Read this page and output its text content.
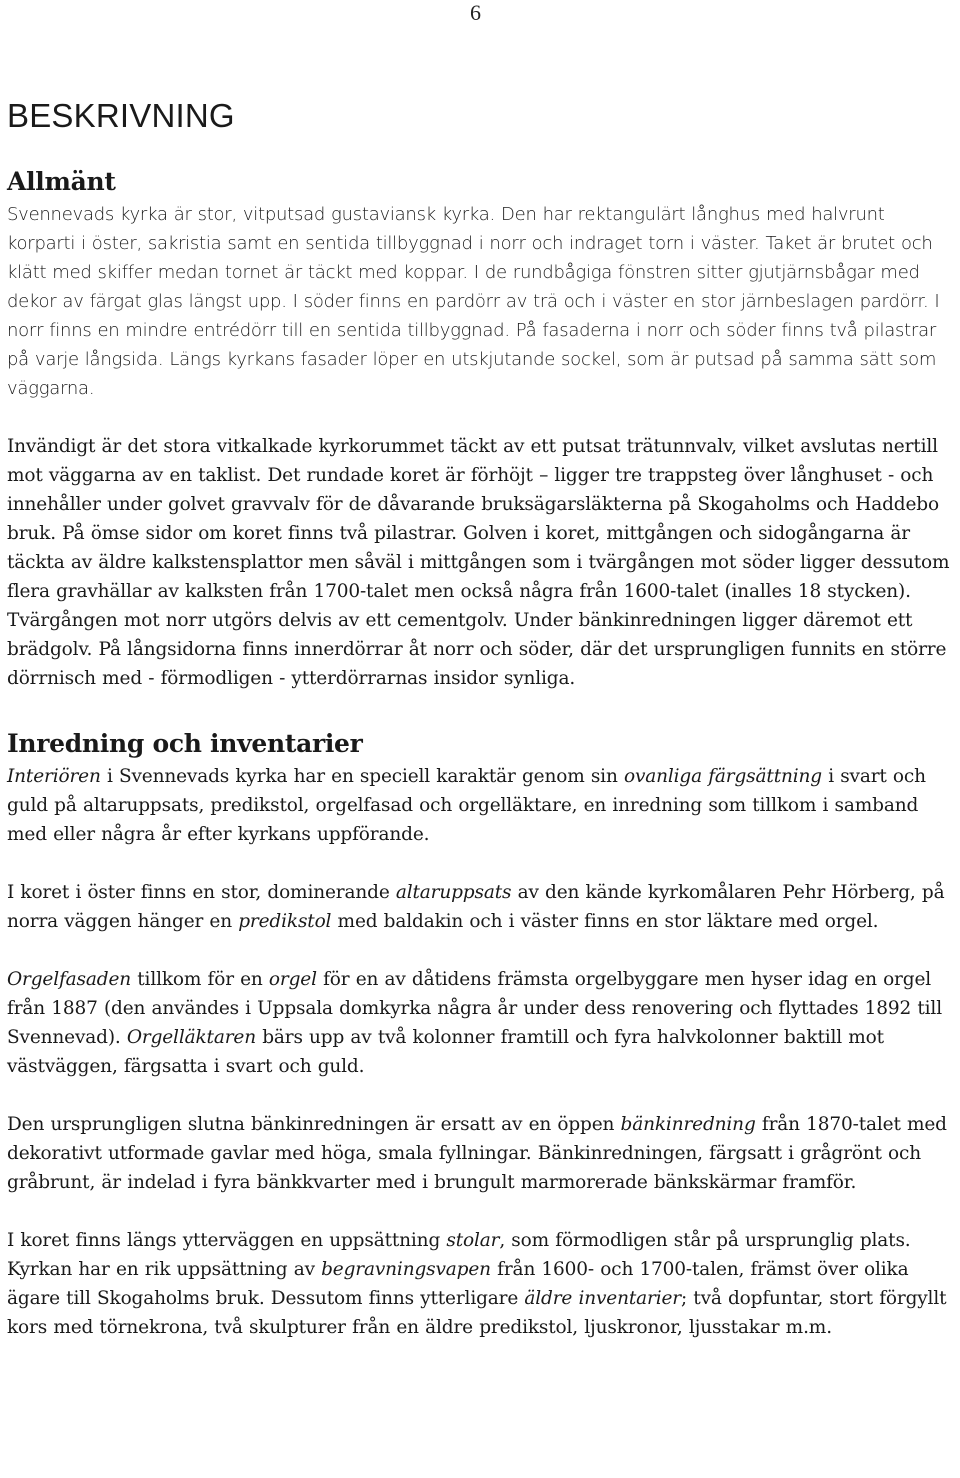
6
BESKRIVNING
Allmänt

Svennevads kyrka är stor, vitputsad gustaviansk kyrka. Den har rektangulärt långhus med halvrunt korparti i öster, sakristia samt en sentida tillbyggnad i norr och indraget torn i väster. Taket är brutet och klätt med skiffer medan tornet är täckt med koppar. I de rundbågiga fönstren sitter gjutjärnsbågar med dekor av färgat glas längst upp. I söder finns en pardörr av trä och i väster en stor järnbeslagen pardörr. I norr finns en mindre entrédörr till en sentida tillbyggnad. På fasaderna i norr och söder finns två pilastrar på varje långsida. Längs kyrkans fasader löper en utskjutande sockel, som är putsad på samma sätt som väggarna.

Invändigt är det stora vitkalkade kyrkorummet täckt av ett putsat trätunnvalv, vilket avslutas nertill mot väggarna av en taklist. Det rundade koret är förhöjt – ligger tre trappsteg över långhuset - och innehåller under golvet gravvalv för de dåvarande bruksägarsläkterna på Skogaholms och Haddebo bruk. På ömse sidor om koret finns två pilastrar. Golven i koret, mittgången och sidogångarna är täckta av äldre kalkstensplattor men såväl i mittgången som i tvärgången mot söder ligger dessutom flera gravhällar av kalksten från 1700-talet men också några från 1600-talet (inalles 18 stycken). Tvärgången mot norr utgörs delvis av ett cementgolv. Under bänkinredningen ligger däremot ett brädgolv. På långsidorna finns innerdörrar åt norr och söder, där det ursprungligen funnits en större dörrnisch med - förmodligen - ytterdörrarnas insidor synliga.

Inredning och inventarier

Interiören i Svennevads kyrka har en speciell karaktär genom sin ovanliga färgsättning i svart och guld på altaruppsats, predikstol, orgelfasad och orgelläktare, en inredning som tillkom i samband med eller några år efter kyrkans uppförande.

I koret i öster finns en stor, dominerande altaruppsats av den kände kyrkomålaren Pehr Hörberg, på norra väggen hänger en predikstol med baldakin och i väster finns en stor läktare med orgel.

Orgelfasaden tillkom för en orgel för en av dåtidens främsta orgelbyggare men hyser idag en orgel från 1887 (den användes i Uppsala domkyrka några år under dess renovering och flyttades 1892 till Svennevad). Orgelläktaren bärs upp av två kolonner framtill och fyra halvkolonner baktill mot västväggen, färgsatta i svart och guld.

Den ursprungligen slutna bänkinredningen är ersatt av en öppen bänkinredning från 1870-talet med dekorativt utformade gavlar med höga, smala fyllningar. Bänkinredningen, färgsatt i grågrönt och gråbrunt, är indelad i fyra bänkkvarter med i brungult marmorerade bänkskärmar framför.

I koret finns längs ytterväggen en uppsättning stolar, som förmodligen står på ursprunglig plats. Kyrkan har en rik uppsättning av begravningsvapen från 1600- och 1700-talen, främst över olika ägare till Skogaholms bruk. Dessutom finns ytterligare äldre inventarier; två dopfuntar, stort förgyllt kors med törnekrona, två skulpturer från en äldre predikstol, ljuskronor, ljusstakar m.m.
